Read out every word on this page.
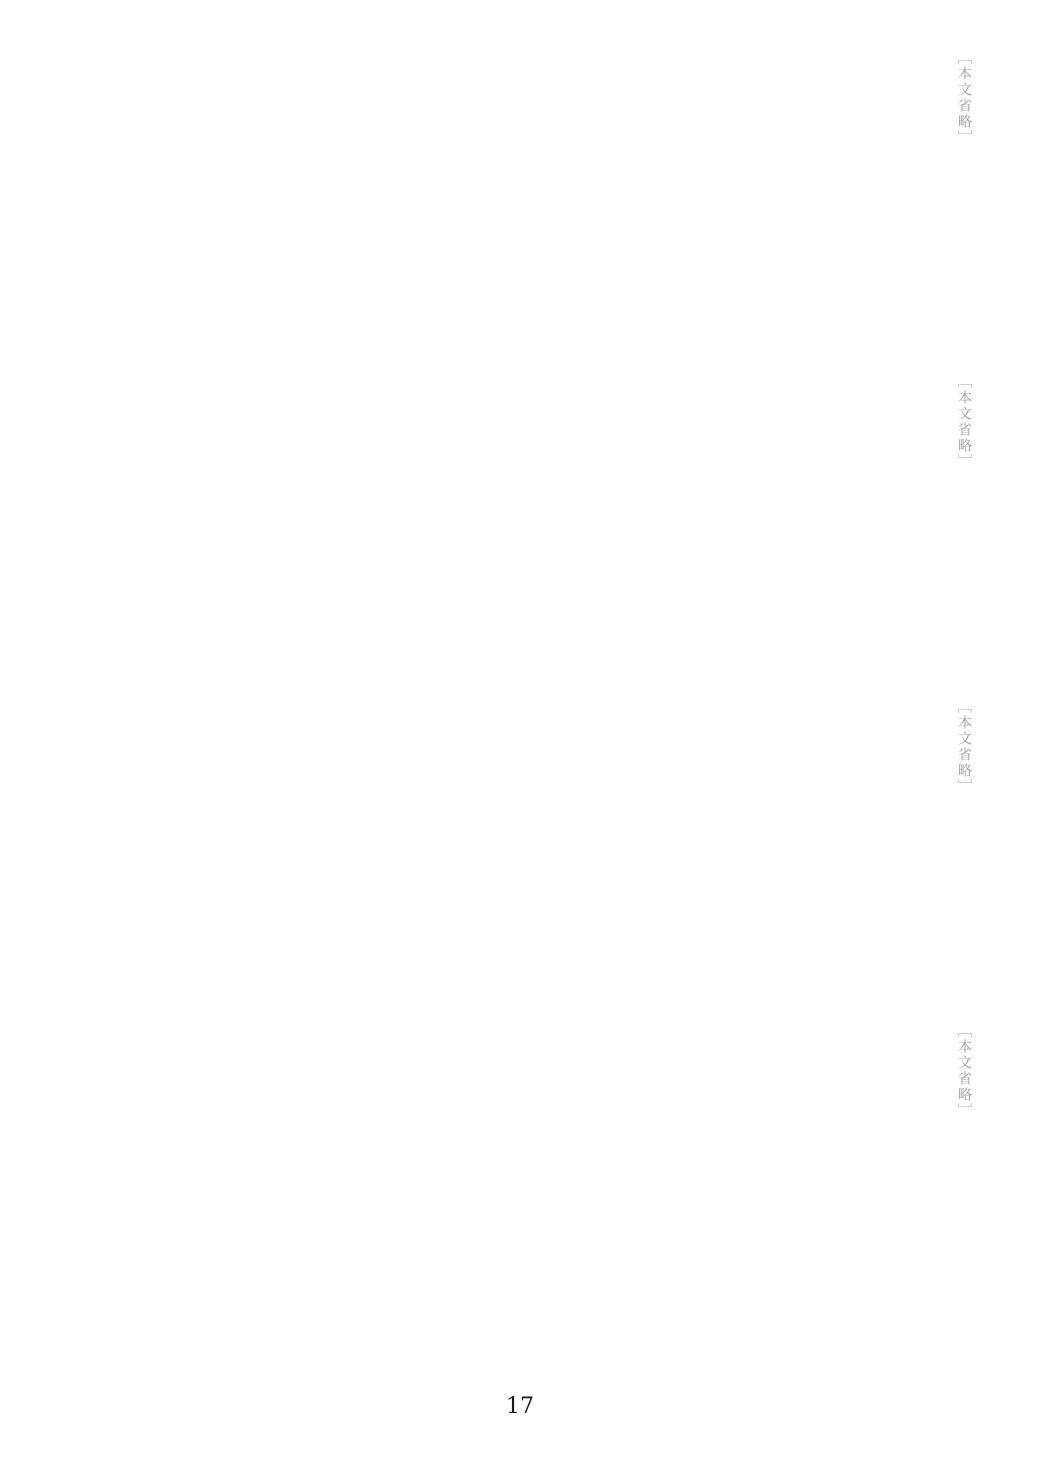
［本文省略］

［本文省略］

［本文省略］

［本文省略］

17
